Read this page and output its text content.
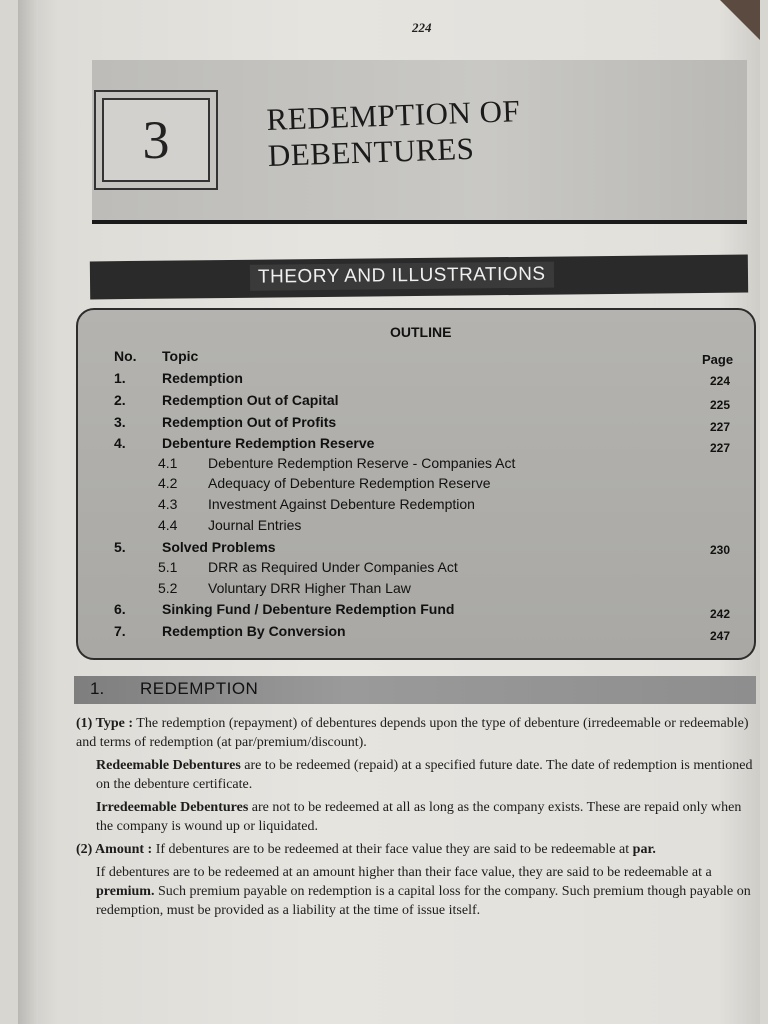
224
3	REDEMPTION OF
DEBENTURES
THEORY AND ILLUSTRATIONS
OUTLINE
No. Topic	Page
1.	Redemption	224
2.	Redemption Out of Capital	225
3.	Redemption Out of Profits	227
4.	Debenture Redemption Reserve	227
4.1 Debenture Redemption Reserve - Companies Act
4.2 Adequacy of Debenture Redemption Reserve
4.3 Investment Against Debenture Redemption
4.4 Journal Entries
5.	Solved Problems	230
5.1 DRR as Required Under Companies Act
5.2 Voluntary DRR Higher Than Law
6.	Sinking Fund / Debenture Redemption Fund	242
7.	Redemption By Conversion	247
1. REDEMPTION

(1) Type : The redemption (repayment) of debentures depends upon the type of debenture (irredeemable or redeemable) and terms of redemption (at par/premium/discount).

Redeemable Debentures are to be redeemed (repaid) at a specified future date. The date of redemption is mentioned on the debenture certificate.

Irredeemable Debentures are not to be redeemed at all as long as the company exists. These are repaid only when the company is wound up or liquidated.

(2) Amount : If debentures are to be redeemed at their face value they are said to be redeemable at par.

If debentures are to be redeemed at an amount higher than their face value, they are said to be redeemable at a premium. Such premium payable on redemption is a capital loss for the company. Such premium though payable on redemption, must be provided as a liability at the time of issue itself.
